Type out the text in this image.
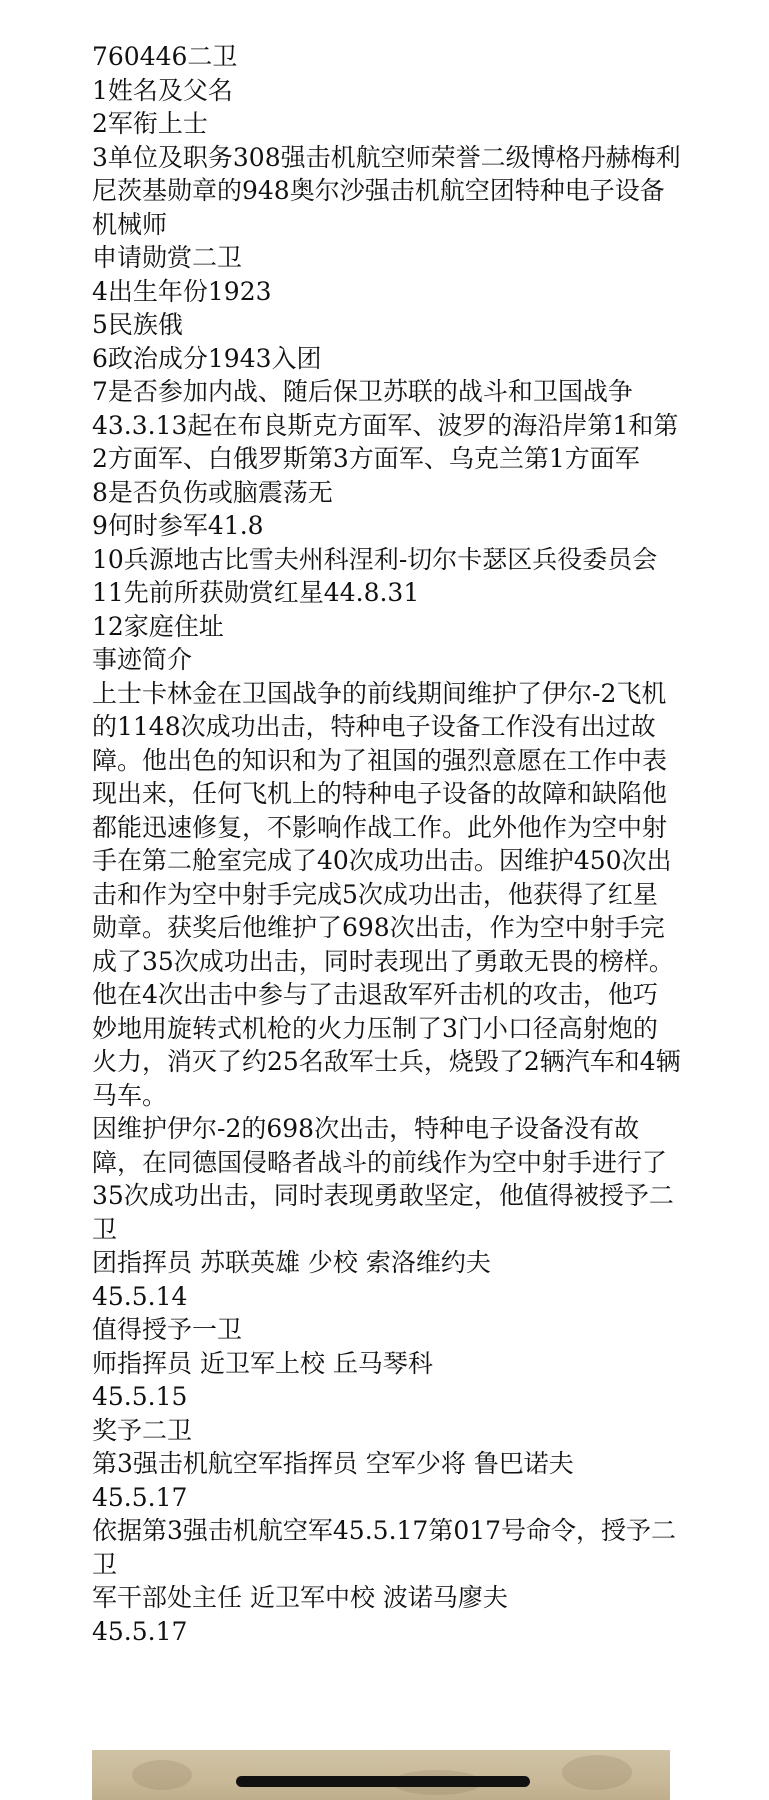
760446二卫

1姓名及父名

2军衔上士

3单位及职务308强击机航空师荣誉二级博格丹赫梅利尼茨基勋章的948奥尔沙强击机航空团特种电子设备机械师

申请勋赏二卫

4出生年份1923

5民族俄

6政治成分1943入团

7是否参加内战、随后保卫苏联的战斗和卫国战争43.3.13起在布良斯克方面军、波罗的海沿岸第1和第2方面军、白俄罗斯第3方面军、乌克兰第1方面军

8是否负伤或脑震荡无

9何时参军41.8

10兵源地古比雪夫州科涅利-切尔卡瑟区兵役委员会

11先前所获勋赏红星44.8.31

12家庭住址

事迹简介

上士卡林金在卫国战争的前线期间维护了伊尔-2飞机的1148次成功出击，特种电子设备工作没有出过故障。他出色的知识和为了祖国的强烈意愿在工作中表现出来，任何飞机上的特种电子设备的故障和缺陷他都能迅速修复，不影响作战工作。此外他作为空中射手在第二舱室完成了40次成功出击。因维护450次出击和作为空中射手完成5次成功出击，他获得了红星勋章。获奖后他维护了698次出击，作为空中射手完成了35次成功出击，同时表现出了勇敢无畏的榜样。他在4次出击中参与了击退敌军歼击机的攻击，他巧妙地用旋转式机枪的火力压制了3门小口径高射炮的火力，消灭了约25名敌军士兵，烧毁了2辆汽车和4辆马车。

因维护伊尔-2的698次出击，特种电子设备没有故障，在同德国侵略者战斗的前线作为空中射手进行了35次成功出击，同时表现勇敢坚定，他值得被授予二卫

团指挥员 苏联英雄 少校 索洛维约夫

45.5.14

值得授予一卫

师指挥员 近卫军上校 丘马琴科

45.5.15

奖予二卫

第3强击机航空军指挥员 空军少将 鲁巴诺夫

45.5.17

依据第3强击机航空军45.5.17第017号命令，授予二卫

军干部处主任 近卫军中校 波诺马廖夫

45.5.17
